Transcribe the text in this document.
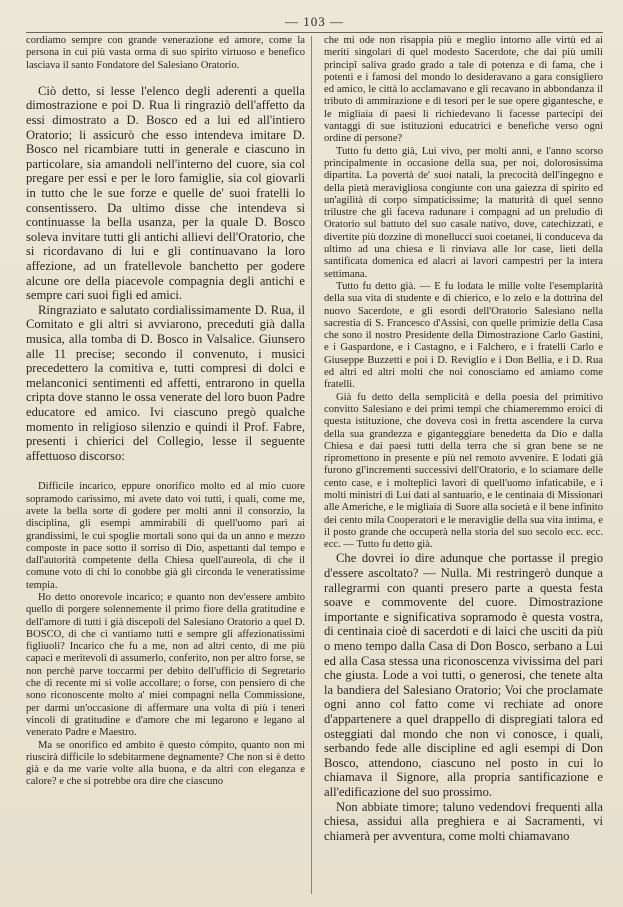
— 103 —

cordiamo sempre con grande venerazione ed amore, come la persona in cui più vasta orma di suo spirito virtuoso e benefico lasciava il santo Fondatore del Salesiano Oratorio.

Ciò detto, si lesse l'elenco degli aderenti a quella dimostrazione e poi D. Rua li ringraziò dell'affetto da essi dimostrato a D. Bosco ed a lui ed all'intiero Oratorio; li assicurò che esso intendeva imitare D. Bosco nel ricambiare tutti in generale e ciascuno in particolare, sia amandoli nell'interno del cuore, sia col pregare per essi e per le loro famiglie, sia col giovarli in tutto che le sue forze e quelle de' suoi fratelli lo consentissero. Da ultimo disse che intendeva si continuasse la bella usanza, per la quale D. Bosco soleva invitare tutti gli antichi allievi dell'Oratorio, che si ricordavano di lui e gli continuavano la loro affezione, ad un fratellevole banchetto per godere alcune ore della piacevole compagnia degli antichi e sempre cari suoi figli ed amici.

Ringraziato e salutato cordialissimamente D. Rua, il Comitato e gli altri si avviarono, preceduti già dalla musica, alla tomba di D. Bosco in Valsalice. Giunsero alle 11 precise; secondo il convenuto, i musici precedettero la comitiva e, tutti compresi di dolci e melanconici sentimenti ed affetti, entrarono in quella cripta dove stanno le ossa venerate del loro buon Padre educatore ed amico. Ivi ciascuno pregò qualche momento in religioso silenzio e quindi il Prof. Fabre, presenti i chierici del Collegio, lesse il seguente affettuoso discorso:

Difficile incarico, eppure onorifico molto ed al mio cuore sopramodo carissimo, mi avete dato voi tutti, i quali, come me, avete la bella sorte di godere per molti anni il consorzio, la disciplina, gli esempi ammirabili di quell'uomo pari ai grandissimi, le cui spoglie mortali sono qui da un anno e mezzo composte in pace sotto il sorriso di Dio, aspettanti dal tempo e dall'autorità competente della Chiesa quell'aureola, di che il comune voto di chi lo conobbe già gli circonda le veneratissime tempia.

Ho detto onorevole incarico; e quanto non dev'essere ambito quello di porgere solennemente il primo fiore della gratitudine e dell'amore di tutti i già discepoli del Salesiano Oratorio a quel D. BOSCO, di che ci vantiamo tutti e sempre gli affezionatissimi figliuoli? Incarico che fu a me, non ad altri cento, di me più capaci e meritevoli di assumerlo, conferito, non per altro forse, se non perchè parve toccarmi per debito dell'ufficio di Segretario che di recente mi si volle accollare; o forse, con pensiero di che sono riconoscente molto a' miei compagni nella Commissione, per darmi un'occasione di affermare una volta di più i teneri vincoli di gratitudine e d'amore che mi legarono e legano al venerato Padre e Maestro.

Ma se onorifico ed ambito è questo cómpito, quanto non mi riuscirà difficile lo sdebitarmene degnamente? Che non si è detto già e da me varie volte alla buona, e da altri con eleganza e calore? e che si potrebbe ora dire che ciascuno

che mi ode non risappia più e meglio intorno alle virtù ed ai meriti singolari di quel modesto Sacerdote, che dai più umili principî saliva grado grado a tale di potenza e di fama, che i potenti e i famosi del mondo lo desideravano a gara consigliero ed amico, le città lo acclamavano e gli recavano in abbondanza il tributo di ammirazione e di tesori per le sue opere gigantesche, e le migliaia di paesi li richiedevano li facesse partecipi dei vantaggi di sue istituzioni educatrici e benefiche verso ogni ordine di persone?

Tutto fu detto già, Lui vivo, per molti anni, e l'anno scorso principalmente in occasione della sua, per noi, dolorosissima dipartita. La povertà de' suoi natali, la precocità dell'ingegno e della pietà meravigliosa congiunte con una gaiezza di spirito ed un'agilità di corpo simpaticissime; la maturità di quel senno trilustre che gli faceva radunare i compagni ad un preludio di Oratorio sul battuto del suo casale nativo, dove, catechizzati, e divertite più dozzine di monellucci suoi coetanei, li conduceva da ultimo ad una chiesa e li rinviava alle lor case, lieti della santificata domenica ed alacri ai lavori campestri per la intera settimana.

Tutto fu detto già. — E fu lodata le mille volte l'esemplarità della sua vita di studente e di chierico, e lo zelo e la dottrina del nuovo Sacerdote, e gli esordi dell'Oratorio Salesiano nella sacrestia di S. Francesco d'Assisi, con quelle primizie della Casa che sono il nostro Presidente della Dimostrazione Carlo Gastini, e i Gaspardone, e i Castagno, e i Falchero, e i fratelli Carlo e Giuseppe Buzzetti e poi i D. Reviglio e i Don Bellia, e i D. Rua ed altri ed altri molti che noi conosciamo ed amiamo come fratelli.

Già fu detto della semplicità e della poesia del primitivo convitto Salesiano e dei primi tempi che chiameremmo eroici di questa istituzione, che doveva così in fretta ascendere la curva della sua grandezza e giganteggiare benedetta da Dio e dalla Chiesa e dai paesi tutti della terra che si gran bene se ne ripromettono in presente e più nel remoto avvenire. E lodati già furono gl'incrementi successivi dell'Oratorio, e lo sciamare delle cento case, e i molteplici lavori di quell'uomo infaticabile, e i molti ministri di Lui dati al santuario, e le centinaia di Missionari alle Americhe, e le migliaia di Suore alla società e il bene infinito dei cento mila Cooperatori e le meraviglie della sua vita intima, e il posto grande che occuperà nella storia del suo secolo ecc. ecc. ecc. — Tutto fu detto già.

Che dovrei io dire adunque che portasse il pregio d'essere ascoltato? — Nulla. Mi restringerò dunque a rallegrarmi con quanti presero parte a questa festa soave e commovente del cuore. Dimostrazione importante e significativa sopramodo è questa vostra, di centinaia cioè di sacerdoti e di laici che usciti da più o meno tempo dalla Casa di Don Bosco, serbano a Lui ed alla Casa stessa una riconoscenza vivissima del pari che giusta. Lode a voi tutti, o generosi, che tenete alta la bandiera del Salesiano Oratorio; Voi che proclamate ogni anno col fatto come vi rechiate ad onore d'appartenere a quel drappello di dispregiati talora ed osteggiati dal mondo che non vi conosce, i quali, serbando fede alle discipline ed agli esempi di Don Bosco, attendono, ciascuno nel posto in cui lo chiamava il Signore, alla propria santificazione e all'edificazione del suo prossimo.

Non abbiate timore; taluno vedendovi frequenti alla chiesa, assidui alla preghiera e ai Sacramenti, vi chiamerà per avventura, come molti chiamavano
